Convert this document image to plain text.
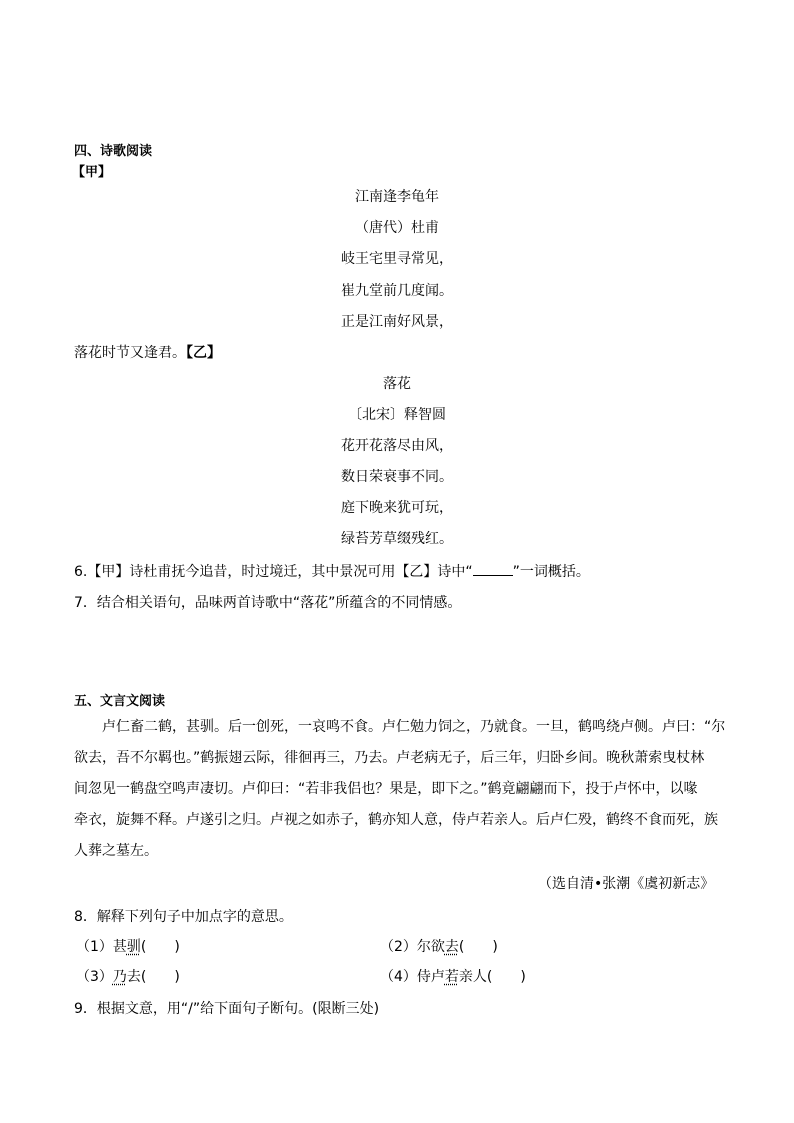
四、诗歌阅读
【甲】
江南逢李龟年
（唐代）杜甫
岐王宅里寻常见，
崔九堂前几度闻。
正是江南好风景，
落花时节又逢君。【乙】
落花
〔北宋〕释智圆
花开花落尽由风，
数日荣衰事不同。
庭下晚来犹可玩，
绿苔芳草缀残红。
6.【甲】诗杜甫抚今追昔，时过境迁，其中景况可用【乙】诗中“	”一词概括。
7．结合相关语句，品味两首诗歌中“落花”所蕴含的不同情感。
五、文言文阅读
卢仁畜二鹤，甚驯。后一创死，一哀鸣不食。卢仁勉力饲之，乃就食。一旦，鹤鸣绕卢侧。卢曰：“尔
欲去，吾不尔羁也。”鹤振翅云际，徘徊再三，乃去。卢老病无子，后三年，归卧乡间。晚秋萧索曳杖林
间忽见一鹤盘空鸣声凄切。卢仰曰：“若非我侣也？果是，即下之。”鹤竟翩翩而下，投于卢怀中，以喙
牵衣，旋舞不释。卢遂引之归。卢视之如赤子，鹤亦知人意，侍卢若亲人。后卢仁殁，鹤终不食而死，族
人葬之墓左。
（选自清•张潮《虞初新志》
8．解释下列句子中加点字的意思。
（1）甚驯(　　)	（2）尔欲去(　　)
（3）乃去(　　)	（4）侍卢若亲人(　　)
9．根据文意，用“/”给下面句子断句。(限断三处)
